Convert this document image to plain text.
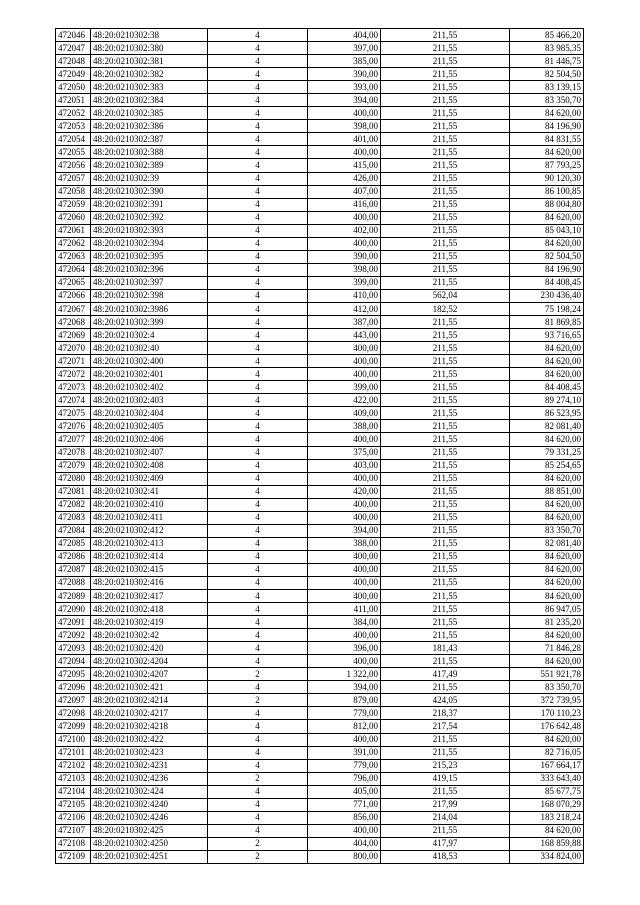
472046	48:20:0210302:38	4	404,00	211,55	85 466,20
472047	48:20:0210302:380	4	397,00	211,55	83 985,35
472048	48:20:0210302:381	4	385,00	211,55	81 446,75
472049	48:20:0210302:382	4	390,00	211,55	82 504,50
472050	48:20:0210302:383	4	393,00	211,55	83 139,15
472051	48:20:0210302:384	4	394,00	211,55	83 350,70
472052	48:20:0210302:385	4	400,00	211,55	84 620,00
472053	48:20:0210302:386	4	398,00	211,55	84 196,90
472054	48:20:0210302:387	4	401,00	211,55	84 831,55
472055	48:20:0210302:388	4	400,00	211,55	84 620,00
472056	48:20:0210302:389	4	415,00	211,55	87 793,25
472057	48:20:0210302:39	4	426,00	211,55	90 120,30
472058	48:20:0210302:390	4	407,00	211,55	86 100,85
472059	48:20:0210302:391	4	416,00	211,55	88 004,80
472060	48:20:0210302:392	4	400,00	211,55	84 620,00
472061	48:20:0210302:393	4	402,00	211,55	85 043,10
472062	48:20:0210302:394	4	400,00	211,55	84 620,00
472063	48:20:0210302:395	4	390,00	211,55	82 504,50
472064	48:20:0210302:396	4	398,00	211,55	84 196,90
472065	48:20:0210302:397	4	399,00	211,55	84 408,45
472066	48:20:0210302:398	4	410,00	562,04	230 436,40
472067	48:20:0210302:3986	4	412,00	182,52	75 198,24
472068	48:20:0210302:399	4	387,00	211,55	81 869,85
472069	48:20:0210302:4	4	443,00	211,55	93 716,65
472070	48:20:0210302:40	4	400,00	211,55	84 620,00
472071	48:20:0210302:400	4	400,00	211,55	84 620,00
472072	48:20:0210302:401	4	400,00	211,55	84 620,00
472073	48:20:0210302:402	4	399,00	211,55	84 408,45
472074	48:20:0210302:403	4	422,00	211,55	89 274,10
472075	48:20:0210302:404	4	409,00	211,55	86 523,95
472076	48:20:0210302:405	4	388,00	211,55	82 081,40
472077	48:20:0210302:406	4	400,00	211,55	84 620,00
472078	48:20:0210302:407	4	375,00	211,55	79 331,25
472079	48:20:0210302:408	4	403,00	211,55	85 254,65
472080	48:20:0210302:409	4	400,00	211,55	84 620,00
472081	48:20:0210302:41	4	420,00	211,55	88 851,00
472082	48:20:0210302:410	4	400,00	211,55	84 620,00
472083	48:20:0210302:411	4	400,00	211,55	84 620,00
472084	48:20:0210302:412	4	394,00	211,55	83 350,70
472085	48:20:0210302:413	4	388,00	211,55	82 081,40
472086	48:20:0210302:414	4	400,00	211,55	84 620,00
472087	48:20:0210302:415	4	400,00	211,55	84 620,00
472088	48:20:0210302:416	4	400,00	211,55	84 620,00
472089	48:20:0210302:417	4	400,00	211,55	84 620,00
472090	48:20:0210302:418	4	411,00	211,55	86 947,05
472091	48:20:0210302:419	4	384,00	211,55	81 235,20
472092	48:20:0210302:42	4	400,00	211,55	84 620,00
472093	48:20:0210302:420	4	396,00	181,43	71 846,28
472094	48:20:0210302:4204	4	400,00	211,55	84 620,00
472095	48:20:0210302:4207	2	1 322,00	417,49	551 921,78
472096	48:20:0210302:421	4	394,00	211,55	83 350,70
472097	48:20:0210302:4214	2	879,00	424,05	372 739,95
472098	48:20:0210302:4217	4	779,00	218,37	170 110,23
472099	48:20:0210302:4218	4	812,00	217,54	176 642,48
472100	48:20:0210302:422	4	400,00	211,55	84 620,00
472101	48:20:0210302:423	4	391,00	211,55	82 716,05
472102	48:20:0210302:4231	4	779,00	215,23	167 664,17
472103	48:20:0210302:4236	2	796,00	419,15	333 643,40
472104	48:20:0210302:424	4	405,00	211,55	85 677,75
472105	48:20:0210302:4240	4	771,00	217,99	168 070,29
472106	48:20:0210302:4246	4	856,00	214,04	183 218,24
472107	48:20:0210302:425	4	400,00	211,55	84 620,00
472108	48:20:0210302:4250	2	404,00	417,97	168 859,88
472109	48:20:0210302:4251	2	800,00	418,53	334 824,00
